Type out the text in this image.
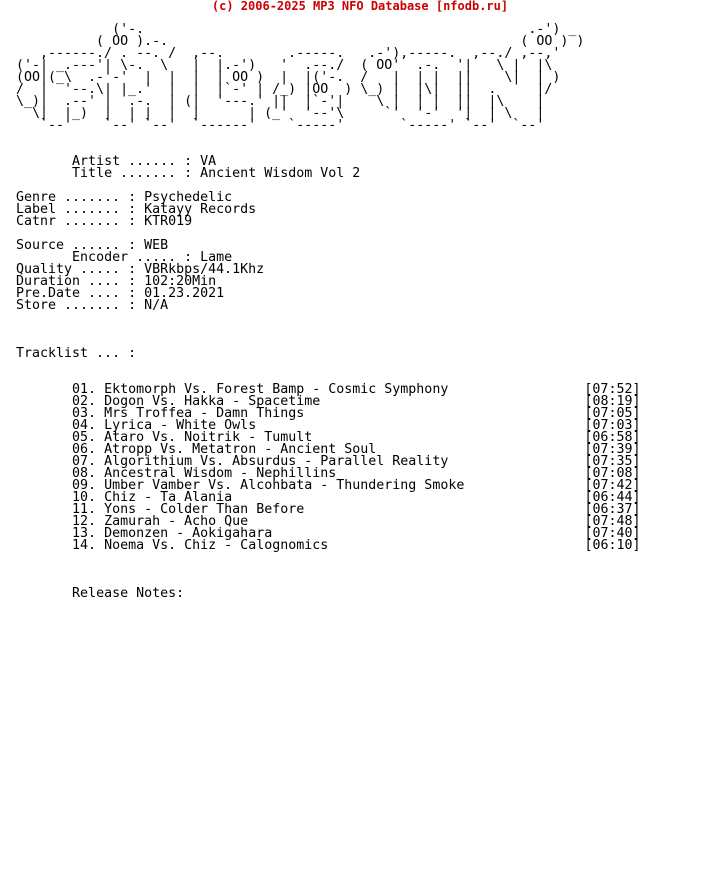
(c) 2006-2025 MP3 NFO Database [nfodb.ru]
('-.                                                .-') _
( OO ).-.                                            ( OO ) )
,------./ . --. /  ,--.        .-----.   .-'),-----.  ,--./ ,--,'
('-| _.---'| \-.  \   |  |.-')   '  .--./  ( OO'  .-.  '|   \ |  |\
(OO|(_\  .-'-'  |  |  |  | OO )  |  |('-.  /   |  | |  ||    \|  | )
/  |  '--.\| |_.'  |  |  |`-' | /_) |OO  ) \_) |  |\|  ||  .     |/
\_)|  .--' |  .-.  | (|  '---.' ||  |`-'|    \ |  | |  ||  |\    |
\|  |_)  |  | |  |  |      | (_'  '--'\     `'  '-'  '|  | \   |
`--'    `--' `--'  `------'    `-----'       `-----' `--'  `--'

Artist ...... : VA
Title ....... : Ancient Wisdom Vol 2

Genre ....... : Psychedelic
Label ....... : Katayy Records
Catnr ....... : KTR019

Source ...... : WEB
Encoder ..... : Lame
Quality ..... : VBRkbps/44.1Khz
Duration .... : 102:20Min
Pre.Date .... : 01.23.2021
Store ....... : N/A

Tracklist ... :

01. Ektomorph Vs. Forest Bamp - Cosmic Symphony	[07:52]
02. Dogon Vs. Hakka - Spacetime	[08:19]
03. Mrs Troffea - Damn Things	[07:05]
04. Lyrica - White Owls	[07:03]
05. Ataro Vs. Noitrik - Tumult	[06:58]
06. Atropp Vs. Metatron - Ancient Soul	[07:39]
07. Algorithium Vs. Absurdus - Parallel Reality	[07:35]
08. Ancestral Wisdom - Nephillins	[07:08]
09. Umber Vamber Vs. Alcohbata - Thundering Smoke	[07:42]
10. Chiz - Ta Alania	[06:44]
11. Yons - Colder Than Before	[06:37]
12. Zamurah - Acho Que	[07:48]
13. Demonzen - Aokigahara	[07:40]
14. Noema Vs. Chiz - Calognomics	[06:10]

Release Notes:
